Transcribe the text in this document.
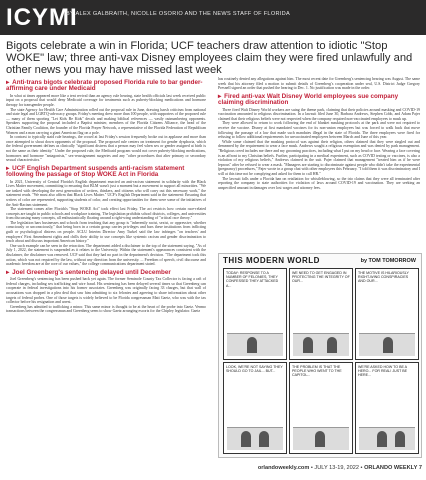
ICYMI
BY ALEX GALBRAITH, NICOLLE OSORIO AND THE NEWS STAFF OF FLORIDA
Bigots celebrate a win in Florida; UCF teachers draw attention to idiotic "Stop WOKE" law; three anti-vax Disney employees claim they were fired unlawfully and other news you may have missed last week
▸ Anti-trans bigots celebrate proposed Florida rule to bar gender-affirming care under Medicaid

In what at times appeared more like a tent revival than an agency rule hearing, state health officials last week received public input on a proposal that would deny Medicaid coverage for treatments such as puberty-blocking medications and hormone therapy for transgender people.

The state Agency for Health Care Administration rolled out the proposal rule in June, drawing harsh criticism from national and state legal and LGBTQ-advocacy groups. Friday's meeting drew more than 100 people, with supporters of the proposed rule — many of them sporting "Let Kids Be Kids" decals and making biblical references — vastly outnumbering opponents. Speakers supporting the proposal included a Baptist minister, members of the Florida Citizens Alliance, the head of the Christian Family Coalition, the founder of the Florida Prayer Network, a representative of the Florida Federation of Republican Women and a man carrying a giant American flag on a pole.

In contrast to typically staid rule hearings, the crowd at last Friday's session frequently broke out in applause and more than once attempted to shout down opponents of the proposal. The proposed rule centers on treatment for gender dysphoria, which the federal government defines as clinically "significant distress that a person may feel when sex or gender assigned at birth is not the same as their identity." Under the proposed rule, the Medicaid program would not cover puberty-blocking medications, hormones and hormone "antagonists," sex-reassignment surgeries and any "other procedures that alter primary or secondary sexual characteristics."

▸ UCF English Department suspends anti-racism statement following the passage of Stop WOKE Act in Florida

In 2021, University of Central Florida's English department enacted an anti-racism statement in solidarity with the Black Lives Matter movement, committing to ensuring that BLM wasn't just a moment but a movement to support all minorities. "We are tasked with developing the next generation of writers, thinkers, and citizens who will carry out this necessary work," the statement reads. "We must also affirm that Black Lives Matter." UCF's English Department said in the statement: Ensuring that writers of color are represented, supporting students of color, and creating opportunities for them were some of the initiatives of the Anti-Racism statement.

The statement comes after Florida's "Stop WOKE Act" took effect last Friday. The act restricts how certain race-related concepts are taught in public schools and workplace training. The legislation prohibits school districts, colleges, and universities from discussing many concepts, all enthusiastically floating around a right-wing understanding of "critical race theory."

The legislation bars businesses and schools from teaching that any group is "inherently racist, sexist, or oppressive, whether consciously or unconsciously," that being born in a certain group carries privileges and bars these institutions from inflicting guilt or psychological distress on people. ACLU Interim Director Amy Turkel said the law infringes "on teachers' and employers' First Amendment rights and chills their ability to use concepts like systemic racism and gender discrimination to teach about and discuss important American history."

One such example can be seen in the retraction. The department added a disclaimer to the top of the statement saying, "As of July 1, 2022, the statement is suspended as it relates to the University. Within the statement's appearances consistent with the disclaimer, the disclaimer was removed. UCF said that they had no part in the department's decision. "The department took this action, which was not required by the law, without any direction from the university. ... Freedom of speech, civil discourse and academic freedom are at the core of our values," the college communications department stated.

▸ Joel Greenberg's sentencing delayed until December

Joel Greenberg's sentencing has been pushed back yet again. The former Seminole County Tax Collector is facing a raft of federal charges, including sex trafficking and wire fraud. His sentencing has been delayed several times so that Greenberg can cooperate in federal investigations into his former associates. Greenberg was originally facing 33 charges, but that wall of accusations was dropped in a plea deal that saw him admitting to six felonies and agreeing to share information about other targets of federal probes. One of those targets is widely believed to be Florida congressman Matt Gaetz, who was with the tax collector before his resignation and arrest.

Greenberg has admitted to trafficking a minor. This same minor is thought to be at the heart of the probe into Gaetz. Venmo transactions between the congressman and Greenberg seem to show Gaetz arranging escorts for the Chipley legislator. Gaetz

has routinely denied any allegations against him. The most recent date for Greenberg's sentencing hearing was August. The same week that his attorney filed a motion to submit details of Greenberg's cooperation under seal, U.S. District Judge Gregory Presnell signed an order that pushed the hearing to Dec. 1. No justification was made in the order.

▸ Fired anti-vax Walt Disney World employees sue company claiming discrimination

Three fired Walt Disney World workers are suing the theme park, claiming that their policies around masking and COVID-19 vaccination amounted to religious discrimination. In a lawsuit filed June 30, Barbara Andrews, Stephen Cobb, and Adam Pajer claimed that their religious beliefs were not respected when the company required non-vaccinated employees to mask up.

They were allowed to return to work following the end of blanket masking protocols at the park and were not required to receive the vaccine. Disney at first mandated vaccines for its non-union employees but was forced to walk back that move following the passage of a law that made such mandates illegal in the state of Florida. The three employees were fired for refusing to follow additional requirements for unvaccinated employees between March and June of this year.

While some claimed that the masking protocol was against their religion, others claimed that they were singled out and demeaned by the requirement to wear a face mask. Andrews sought a religious exemption and was denied by park management. "Religious creed includes me there and my grooming practices, including what I put on my head or face. Wearing a face covering is an affront to my Christian beliefs. Further, participating in a medical experiment, such as COVID testing or vaccines, is also a violation of my religious beliefs," Andrews claimed in the suit. Pajer claimed that management "treated him as if he were leprous" after he refused to wear a mask. "Managers are starting to discriminate against people who didn't take the experimental (pregnancy) procedures," Pajer wrote in a group chat with other employees this February. "I told them it was discriminatory and I will at this time not be complying and asked for them to call HR."

The lawsuit falls under a Florida ban on retaliation for whistleblowing, so the trio claims that they were all terminated after reporting the company to state authorities for violation of laws around COVID-19 and vaccination. They are seeking an unspecified amount in damages over lost wages and attorney fees.

THIS MODERN WORLD	by TOM TOMORROW
TODAY: RESPONSE TO A NUMBER OF FELONIES, THEY CONFESSED THEY ATTACKED A...
WE NEED TO GET ENGAGED IN PROTECTING THE INTEGRITY OF OUR...
THE MOTIVE IS HILARIOUSLY RIGHT-WING CONSPIRACIES AND OUR...
LOOK, WE'RE NOT SAYING THEY SHOULD GO TO JAIL... BUT...
THE PROBLEM IS THAT THE PEOPLE WHO WENT TO THE CAPITOL...
WE'RE ASKED HOW TO BE A HERO... FOR REAL! JUST BE HERE...
orlandoweekly.com • JULY 13-19, 2022 • ORLANDO WEEKLY 7
